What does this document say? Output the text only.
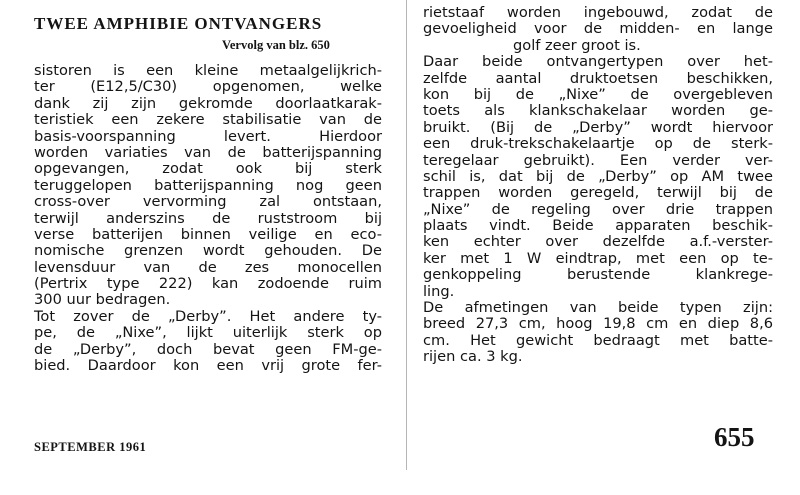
TWEE AMPHIBIE ONTVANGERS
Vervolg van blz. 650
sistoren is een kleine metaalgelijkrich-
ter (E12,5/C30) opgenomen, welke
dank zij zijn gekromde doorlaatkarak-
teristiek een zekere stabilisatie van de
basis-voorspanning levert. Hierdoor
worden variaties van de batterijspanning
opgevangen, zodat ook bij sterk
teruggelopen batterijspanning nog geen
cross-over vervorming zal ontstaan,
terwijl anderszins de ruststroom bij
verse batterijen binnen veilige en eco-
nomische grenzen wordt gehouden. De
levensduur van de zes monocellen
(Pertrix type 222) kan zodoende ruim
300 uur bedragen.
Tot zover de „Derby”. Het andere ty-
pe, de „Nixe”, lijkt uiterlijk sterk op
de „Derby”, doch bevat geen FM-ge-
bied. Daardoor kon een vrij grote fer-
rietstaaf worden ingebouwd, zodat de
gevoeligheid voor de midden- en lange
golf zeer groot is.
Daar beide ontvangertypen over het-
zelfde aantal druktoetsen beschikken,
kon bij de „Nixe” de overgebleven
toets als klankschakelaar worden ge-
bruikt. (Bij de „Derby” wordt hiervoor
een druk-trekschakelaartje op de sterk-
teregelaar gebruikt). Een verder ver-
schil is, dat bij de „Derby” op AM twee
trappen worden geregeld, terwijl bij de
„Nixe” de regeling over drie trappen
plaats vindt. Beide apparaten beschik-
ken echter over dezelfde a.f.-verster-
ker met 1 W eindtrap, met een op te-
genkoppeling berustende klankrege-
ling.
De afmetingen van beide typen zijn:
breed 27,3 cm, hoog 19,8 cm en diep 8,6
cm. Het gewicht bedraagt met batte-
rijen ca. 3 kg.
SEPTEMBER 1961	655
